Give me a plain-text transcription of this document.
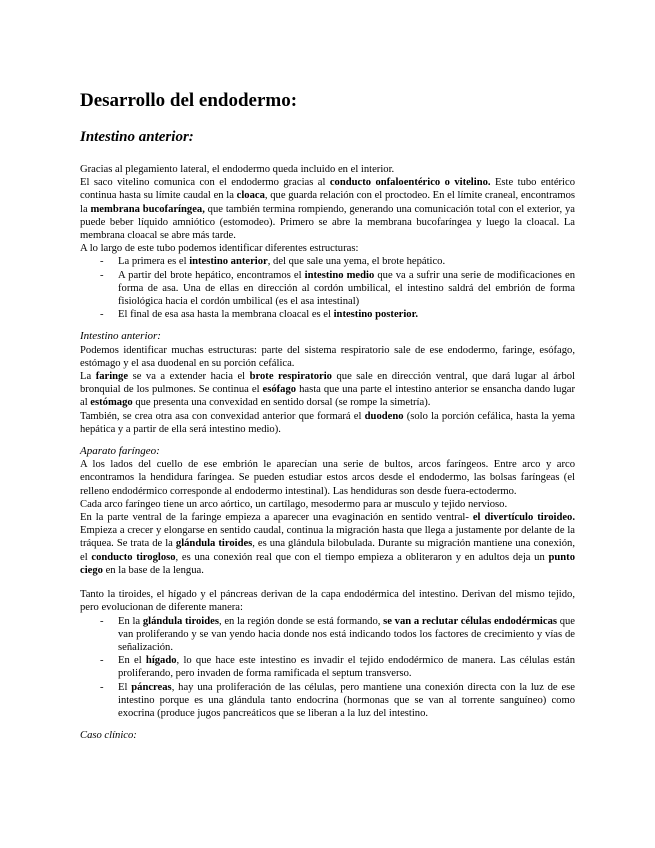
Desarrollo del endodermo:
Intestino anterior:

Gracias al plegamiento lateral, el endodermo queda incluido en el interior.

El saco vitelino comunica con el endodermo gracias al conducto onfaloentérico o vitelino. Este tubo entérico continua hasta su límite caudal en la cloaca, que guarda relación con el proctodeo. En el límite craneal, encontramos la membrana bucofaríngea, que también termina rompiendo, generando una comunicación total con el exterior, ya puede beber líquido amniótico (estomodeo). Primero se abre la membrana bucofaríngea y luego la cloacal. La membrana cloacal se abre más tarde.

A lo largo de este tubo podemos identificar diferentes estructuras:

- La primera es el intestino anterior, del que sale una yema, el brote hepático.
- A partir del brote hepático, encontramos el intestino medio que va a sufrir una serie de modificaciones en forma de asa. Una de ellas en dirección al cordón umbilical, el intestino saldrá del embrión de forma fisiológica hacia el cordón umbilical (es el asa intestinal)
- El final de esa asa hasta la membrana cloacal es el intestino posterior.
Intestino anterior:

Podemos identificar muchas estructuras: parte del sistema respiratorio sale de ese endodermo, faringe, esófago, estómago y el asa duodenal en su porción cefálica.

La faringe se va a extender hacia el brote respiratorio que sale en dirección ventral, que dará lugar al árbol bronquial de los pulmones. Se continua el esófago hasta que una parte el intestino anterior se ensancha dando lugar al estómago que presenta una convexidad en sentido dorsal (se rompe la simetría).

También, se crea otra asa con convexidad anterior que formará el duodeno (solo la porción cefálica, hasta la yema hepática y a partir de ella será intestino medio).

Aparato faríngeo:

A los lados del cuello de ese embrión le aparecían una serie de bultos, arcos faríngeos. Entre arco y arco encontramos la hendidura faríngea. Se pueden estudiar estos arcos desde el endodermo, las bolsas faríngeas (el relleno endodérmico corresponde al endodermo intestinal). Las hendiduras son desde fuera-ectodermo.

Cada arco faríngeo tiene un arco aórtico, un cartílago, mesodermo para ar musculo y tejido nervioso.

En la parte ventral de la faringe empieza a aparecer una evaginación en sentido ventral- el divertículo tiroideo. Empieza a crecer y elongarse en sentido caudal, continua la migración hasta que llega a justamente por delante de la tráquea. Se trata de la glándula tiroides, es una glándula bilobulada. Durante su migración mantiene una conexión, el conducto tirogloso, es una conexión real que con el tiempo empieza a obliteraron y en adultos deja un punto ciego en la base de la lengua.

Tanto la tiroides, el hígado y el páncreas derivan de la capa endodérmica del intestino. Derivan del mismo tejido, pero evolucionan de diferente manera:

- En la glándula tiroides, en la región donde se está formando, se van a reclutar células endodérmicas que van proliferando y se van yendo hacia donde nos está indicando todos los factores de crecimiento y vías de señalización.
- En el hígado, lo que hace este intestino es invadir el tejido endodérmico de manera. Las células están proliferando, pero invaden de forma ramificada el septum transverso.
- El páncreas, hay una proliferación de las células, pero mantiene una conexión directa con la luz de ese intestino porque es una glándula tanto endocrina (hormonas que se van al torrente sanguíneo) como exocrina (produce jugos pancreáticos que se liberan a la luz del intestino.
Caso clínico:
